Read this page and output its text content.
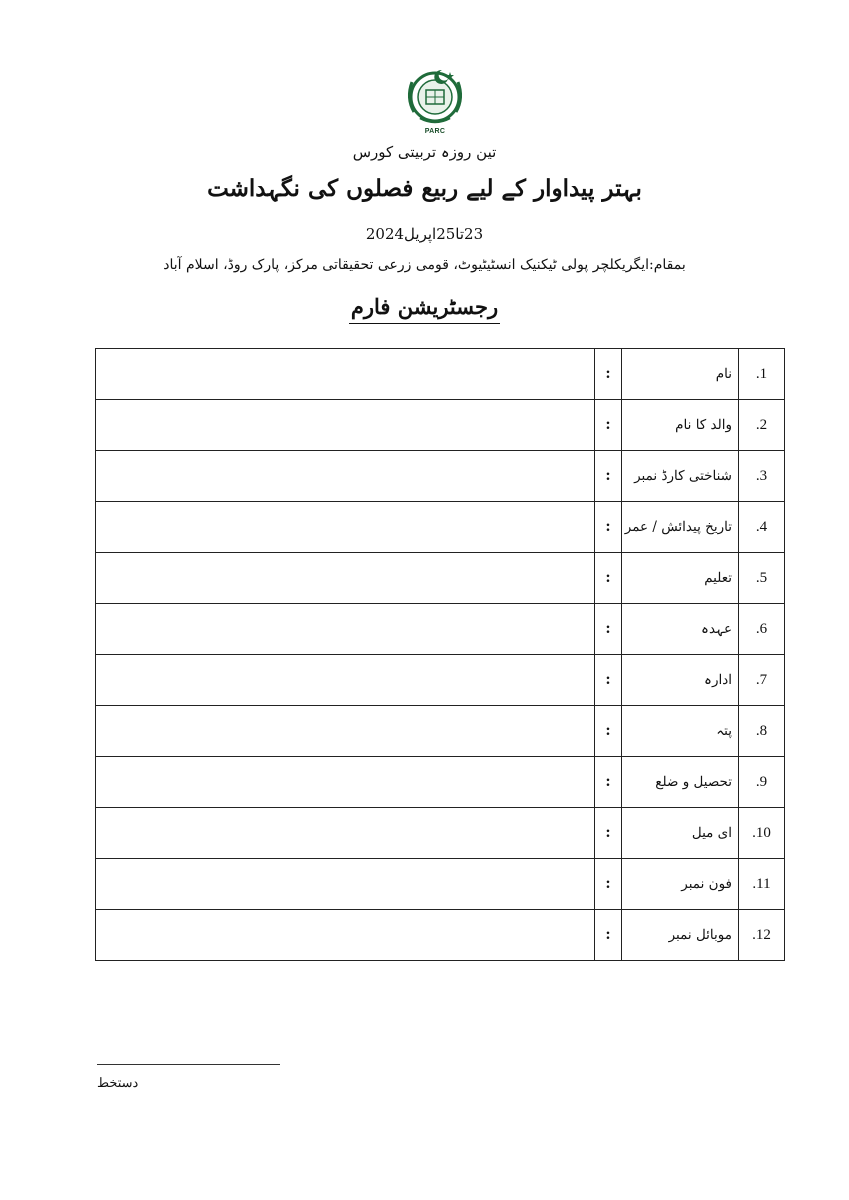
PARC
تین روزہ تربیتی کورس
بہتر پیداوار کے لیے ربیع فصلوں کی نگہداشت
23تا25اپریل2024
بمقام:ایگریکلچر پولی ٹیکنیک انسٹیٹیوٹ، قومی زرعی تحقیقاتی مرکز، پارک روڈ، اسلام آباد
رجسٹریشن فارم
1.	نام	:	
2.	والد کا نام	:	
3.	شناختی کارڈ نمبر	:	
4.	تاریخ پیدائش / عمر	:	
5.	تعلیم	:	
6.	عہدہ	:	
7.	ادارہ	:	
8.	پتہ	:	
9.	تحصیل و ضلع	:	
10.	ای میل	:	
11.	فون نمبر	:	
12.	موبائل نمبر	:	
دستخط
